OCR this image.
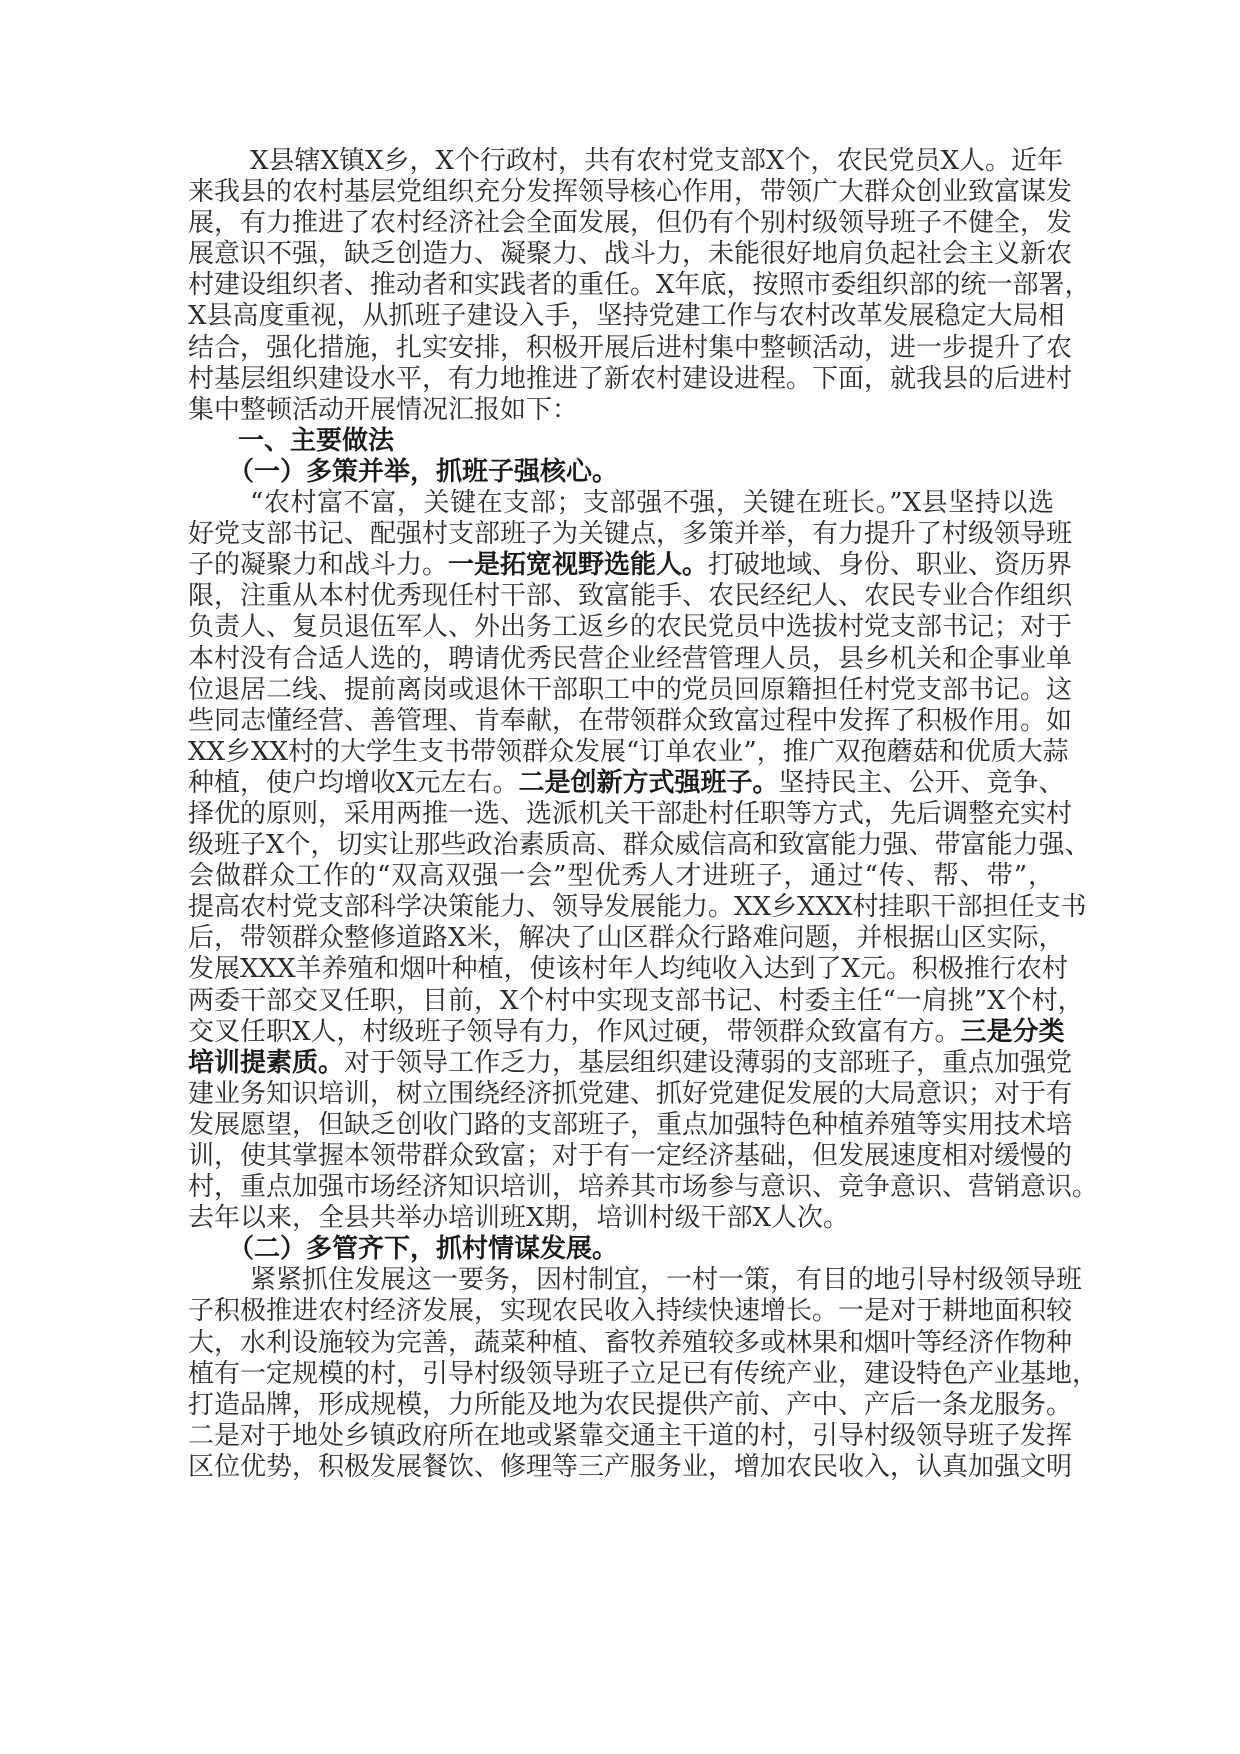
X县辖X镇X乡，X个行政村，共有农村党支部X个，农民党员X人。近年
来我县的农村基层党组织充分发挥领导核心作用，带领广大群众创业致富谋发
展，有力推进了农村经济社会全面发展，但仍有个别村级领导班子不健全，发
展意识不强，缺乏创造力、凝聚力、战斗力，未能很好地肩负起社会主义新农
村建设组织者、推动者和实践者的重任。X年底，按照市委组织部的统一部署，
X县高度重视，从抓班子建设入手，坚持党建工作与农村改革发展稳定大局相
结合，强化措施，扎实安排，积极开展后进村集中整顿活动，进一步提升了农
村基层组织建设水平，有力地推进了新农村建设进程。下面，就我县的后进村
集中整顿活动开展情况汇报如下：
一、主要做法
（一）多策并举，抓班子强核心。
“农村富不富，关键在支部；支部强不强，关键在班长。”X县坚持以选
好党支部书记、配强村支部班子为关键点，多策并举，有力提升了村级领导班
子的凝聚力和战斗力。一是拓宽视野选能人。打破地域、身份、职业、资历界
限，注重从本村优秀现任村干部、致富能手、农民经纪人、农民专业合作组织
负责人、复员退伍军人、外出务工返乡的农民党员中选拔村党支部书记；对于
本村没有合适人选的，聘请优秀民营企业经营管理人员，县乡机关和企事业单
位退居二线、提前离岗或退休干部职工中的党员回原籍担任村党支部书记。这
些同志懂经营、善管理、肯奉献，在带领群众致富过程中发挥了积极作用。如
XX乡XX村的大学生支书带领群众发展“订单农业”，推广双孢蘑菇和优质大蒜
种植，使户均增收X元左右。二是创新方式强班子。坚持民主、公开、竞争、
择优的原则，采用两推一选、选派机关干部赴村任职等方式，先后调整充实村
级班子X个，切实让那些政治素质高、群众威信高和致富能力强、带富能力强、
会做群众工作的“双高双强一会”型优秀人才进班子，通过“传、帮、带”，
提高农村党支部科学决策能力、领导发展能力。XX乡XXX村挂职干部担任支书
后，带领群众整修道路X米，解决了山区群众行路难问题，并根据山区实际，
发展XXX羊养殖和烟叶种植，使该村年人均纯收入达到了X元。积极推行农村
两委干部交叉任职，目前，X个村中实现支部书记、村委主任“一肩挑”X个村，
交叉任职X人，村级班子领导有力，作风过硬，带领群众致富有方。三是分类
培训提素质。对于领导工作乏力，基层组织建设薄弱的支部班子，重点加强党
建业务知识培训，树立围绕经济抓党建、抓好党建促发展的大局意识；对于有
发展愿望，但缺乏创收门路的支部班子，重点加强特色种植养殖等实用技术培
训，使其掌握本领带群众致富；对于有一定经济基础，但发展速度相对缓慢的
村，重点加强市场经济知识培训，培养其市场参与意识、竞争意识、营销意识。
去年以来，全县共举办培训班X期，培训村级干部X人次。
（二）多管齐下，抓村情谋发展。
紧紧抓住发展这一要务，因村制宜，一村一策，有目的地引导村级领导班
子积极推进农村经济发展，实现农民收入持续快速增长。一是对于耕地面积较
大，水利设施较为完善，蔬菜种植、畜牧养殖较多或林果和烟叶等经济作物种
植有一定规模的村，引导村级领导班子立足已有传统产业，建设特色产业基地，
打造品牌，形成规模，力所能及地为农民提供产前、产中、产后一条龙服务。
二是对于地处乡镇政府所在地或紧靠交通主干道的村，引导村级领导班子发挥
区位优势，积极发展餐饮、修理等三产服务业，增加农民收入，认真加强文明
